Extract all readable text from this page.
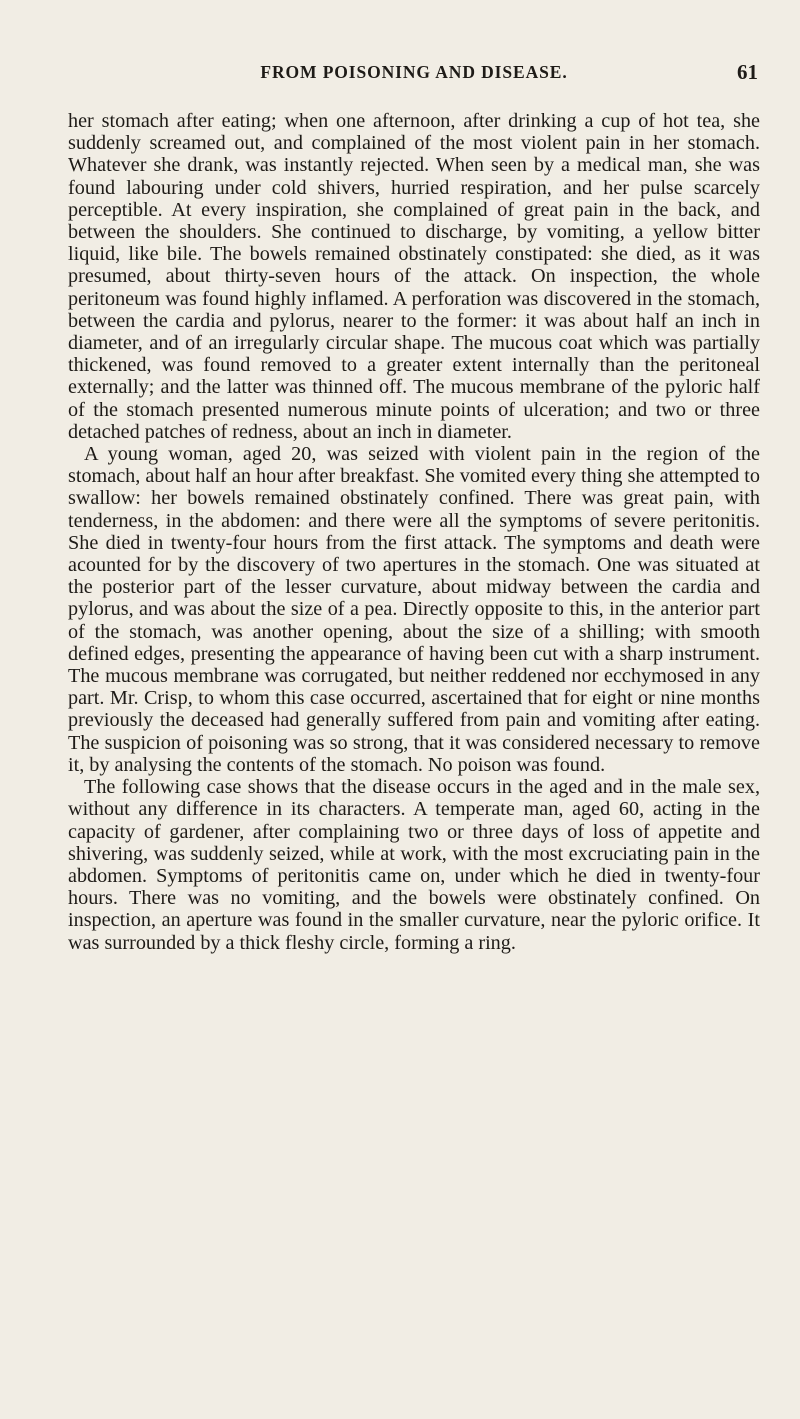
FROM POISONING AND DISEASE.	61

her stomach after eating; when one afternoon, after drinking a cup of hot tea, she suddenly screamed out, and complained of the most violent pain in her stomach. Whatever she drank, was instantly rejected. When seen by a medical man, she was found labouring under cold shivers, hurried respiration, and her pulse scarcely perceptible. At every inspiration, she complained of great pain in the back, and between the shoulders. She continued to discharge, by vomiting, a yellow bitter liquid, like bile. The bowels remained obstinately constipated: she died, as it was presumed, about thirty-seven hours of the attack. On inspection, the whole peritoneum was found highly inflamed. A perforation was discovered in the stomach, between the cardia and pylorus, nearer to the former: it was about half an inch in diameter, and of an irregularly circular shape. The mucous coat which was partially thickened, was found removed to a greater extent internally than the peritoneal externally; and the latter was thinned off. The mucous membrane of the pyloric half of the stomach presented numerous minute points of ulceration; and two or three detached patches of redness, about an inch in diameter.

A young woman, aged 20, was seized with violent pain in the region of the stomach, about half an hour after breakfast. She vomited every thing she attempted to swallow: her bowels remained obstinately confined. There was great pain, with tenderness, in the abdomen: and there were all the symptoms of severe peritonitis. She died in twenty-four hours from the first attack. The symptoms and death were acounted for by the discovery of two apertures in the stomach. One was situated at the posterior part of the lesser curvature, about midway between the cardia and pylorus, and was about the size of a pea. Directly opposite to this, in the anterior part of the stomach, was another opening, about the size of a shilling; with smooth defined edges, presenting the appearance of having been cut with a sharp instrument. The mucous membrane was corrugated, but neither reddened nor ecchymosed in any part. Mr. Crisp, to whom this case occurred, ascertained that for eight or nine months previously the deceased had generally suffered from pain and vomiting after eating. The suspicion of poisoning was so strong, that it was considered necessary to remove it, by analysing the contents of the stomach. No poison was found.

The following case shows that the disease occurs in the aged and in the male sex, without any difference in its characters. A temperate man, aged 60, acting in the capacity of gardener, after complaining two or three days of loss of appetite and shivering, was suddenly seized, while at work, with the most excruciating pain in the abdomen. Symptoms of peritonitis came on, under which he died in twenty-four hours. There was no vomiting, and the bowels were obstinately confined. On inspection, an aperture was found in the smaller curvature, near the pyloric orifice. It was surrounded by a thick fleshy circle, forming a ring.
